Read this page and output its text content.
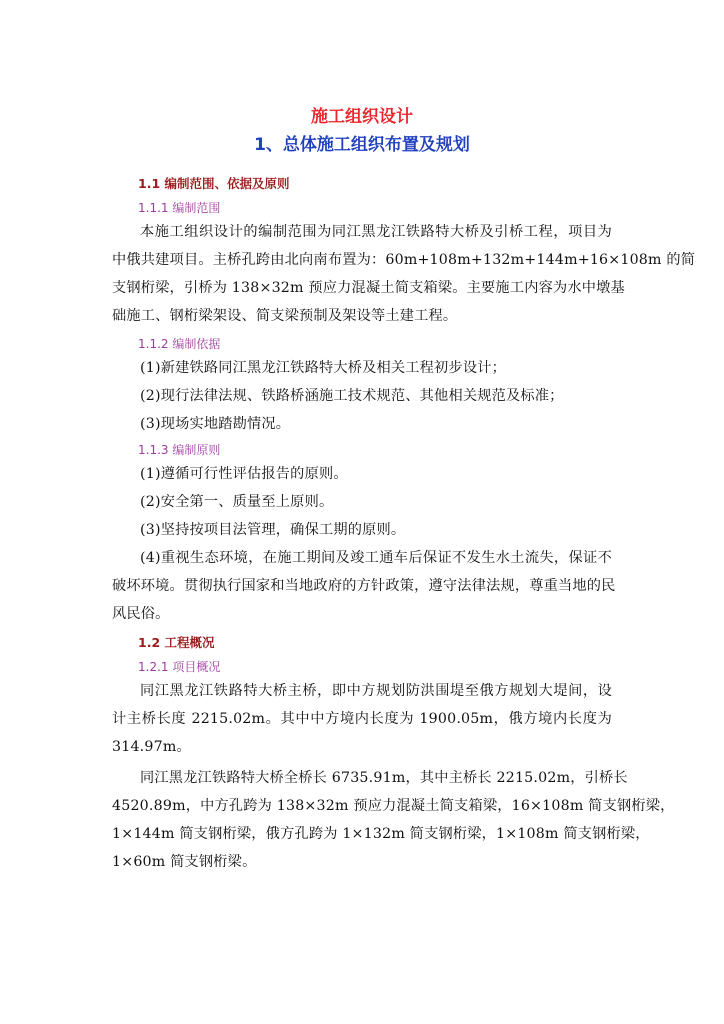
施工组织设计
1、总体施工组织布置及规划
1.1 编制范围、依据及原则
1.1.1 编制范围
本施工组织设计的编制范围为同江黑龙江铁路特大桥及引桥工程，项目为
中俄共建项目。主桥孔跨由北向南布置为：60m+108m+132m+144m+16×108m 的简
支钢桁梁，引桥为 138×32m 预应力混凝土简支箱梁。主要施工内容为水中墩基
础施工、钢桁梁架设、简支梁预制及架设等土建工程。
1.1.2 编制依据
(1)新建铁路同江黑龙江铁路特大桥及相关工程初步设计；
(2)现行法律法规、铁路桥涵施工技术规范、其他相关规范及标准；
(3)现场实地踏勘情况。
1.1.3 编制原则
(1)遵循可行性评估报告的原则。
(2)安全第一、质量至上原则。
(3)坚持按项目法管理，确保工期的原则。
(4)重视生态环境，在施工期间及竣工通车后保证不发生水土流失，保证不
破坏环境。贯彻执行国家和当地政府的方针政策，遵守法律法规，尊重当地的民
风民俗。
1.2 工程概况
1.2.1 项目概况
同江黑龙江铁路特大桥主桥，即中方规划防洪围堤至俄方规划大堤间，设
计主桥长度 2215.02m。其中中方境内长度为 1900.05m，俄方境内长度为
314.97m。
同江黑龙江铁路特大桥全桥长 6735.91m，其中主桥长 2215.02m，引桥长
4520.89m，中方孔跨为 138×32m 预应力混凝土简支箱梁，16×108m 简支钢桁梁，
1×144m 简支钢桁梁，俄方孔跨为 1×132m 简支钢桁梁，1×108m 简支钢桁梁，
1×60m 简支钢桁梁。
